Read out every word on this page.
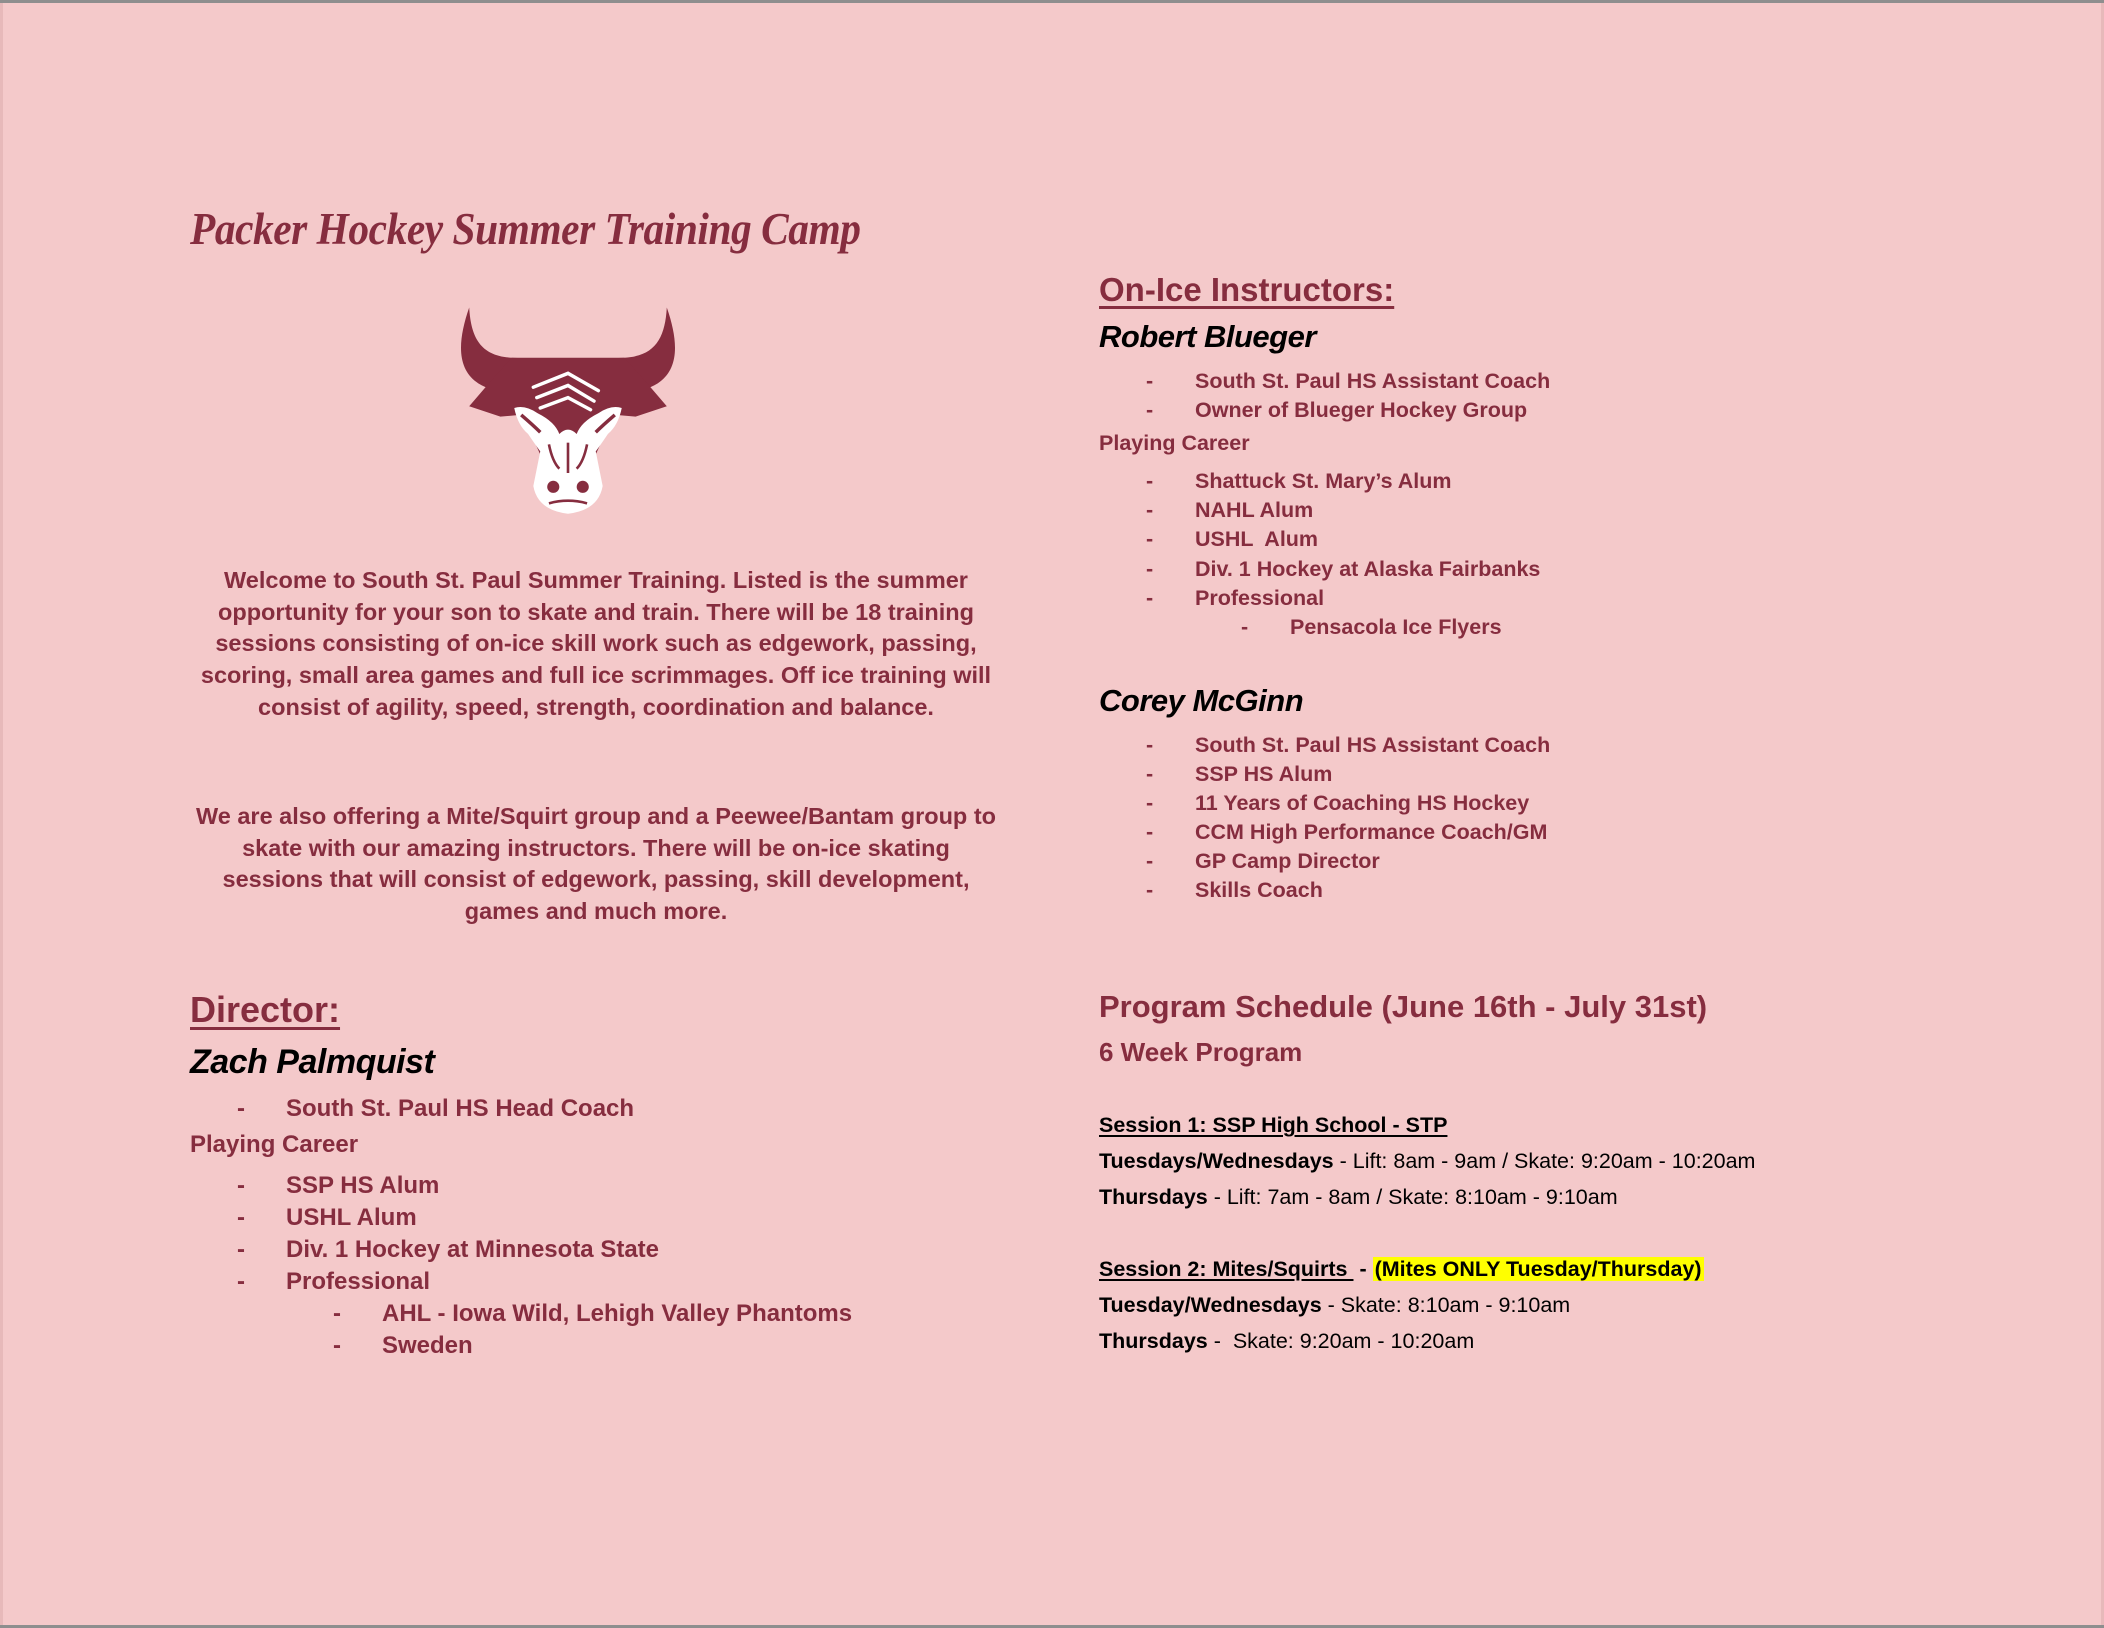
Packer Hockey Summer Training Camp

Welcome to South St. Paul Summer Training. Listed is the summer opportunity for your son to skate and train. There will be 18 training sessions consisting of on-ice skill work such as edgework, passing, scoring, small area games and full ice scrimmages. Off ice training will consist of agility, speed, strength, coordination and balance.

We are also offering a Mite/Squirt group and a Peewee/Bantam group to skate with our amazing instructors. There will be on-ice skating sessions that will consist of edgework, passing, skill development, games and much more.

Director:
Zach Palmquist
- South St. Paul HS Head Coach
Playing Career
- SSP HS Alum
- USHL Alum
- Div. 1 Hockey at Minnesota State
- Professional
- AHL - Iowa Wild, Lehigh Valley Phantoms
- Sweden
On-Ice Instructors:
Robert Blueger
- South St. Paul HS Assistant Coach
- Owner of Blueger Hockey Group
Playing Career
- Shattuck St. Mary’s Alum
- NAHL Alum
- USHL  Alum
- Div. 1 Hockey at Alaska Fairbanks
- Professional
- Pensacola Ice Flyers
Corey McGinn
- South St. Paul HS Assistant Coach
- SSP HS Alum
- 11 Years of Coaching HS Hockey
- CCM High Performance Coach/GM
- GP Camp Director
- Skills Coach
Program Schedule (June 16th - July 31st)
6 Week Program
Session 1: SSP High School - STP
Tuesdays/Wednesdays - Lift: 8am - 9am / Skate: 9:20am - 10:20am
Thursdays - Lift: 7am - 8am / Skate: 8:10am - 9:10am
Session 2: Mites/Squirts  - (Mites ONLY Tuesday/Thursday)
Tuesday/Wednesdays - Skate: 8:10am - 9:10am
Thursdays -  Skate: 9:20am - 10:20am
